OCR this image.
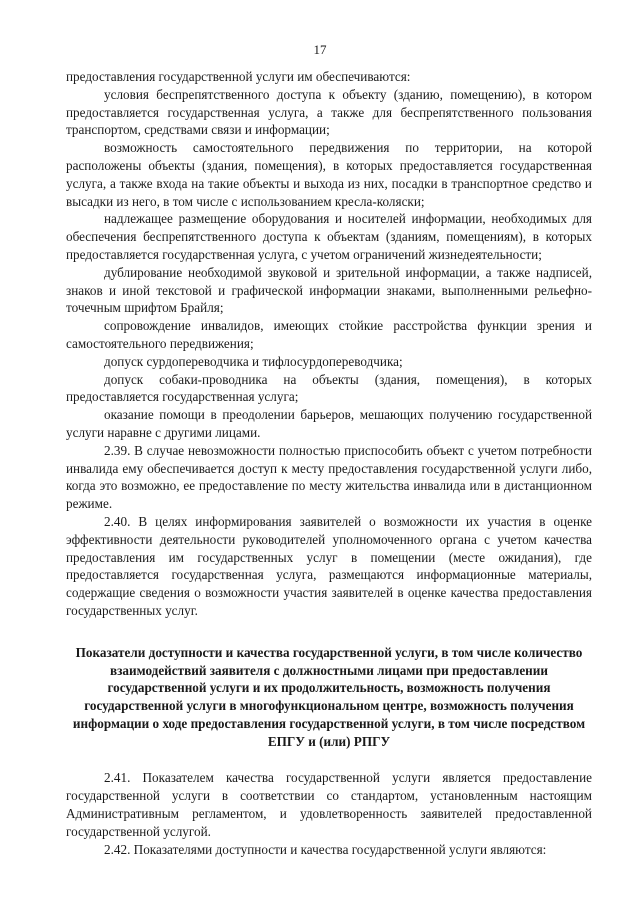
17

предоставления государственной услуги им обеспечиваются:

условия беспрепятственного доступа к объекту (зданию, помещению), в котором предоставляется государственная услуга, а также для беспрепятственного пользования транспортом, средствами связи и информации;

возможность самостоятельного передвижения по территории, на которой расположены объекты (здания, помещения), в которых предоставляется государственная услуга, а также входа на такие объекты и выхода из них, посадки в транспортное средство и высадки из него, в том числе с использованием кресла-коляски;

надлежащее размещение оборудования и носителей информации, необходимых для обеспечения беспрепятственного доступа к объектам (зданиям, помещениям), в которых предоставляется государственная услуга, с учетом ограничений жизнедеятельности;

дублирование необходимой звуковой и зрительной информации, а также надписей, знаков и иной текстовой и графической информации знаками, выполненными рельефно-точечным шрифтом Брайля;

сопровождение инвалидов, имеющих стойкие расстройства функции зрения и самостоятельного передвижения;

допуск сурдопереводчика и тифлосурдопереводчика;

допуск собаки-проводника на объекты (здания, помещения), в которых предоставляется государственная услуга;

оказание помощи в преодолении барьеров, мешающих получению государственной услуги наравне с другими лицами.

2.39. В случае невозможности полностью приспособить объект с учетом потребности инвалида ему обеспечивается доступ к месту предоставления государственной услуги либо, когда это возможно, ее предоставление по месту жительства инвалида или в дистанционном режиме.

2.40. В целях информирования заявителей о возможности их участия в оценке эффективности деятельности руководителей уполномоченного органа с учетом качества предоставления им государственных услуг в помещении (месте ожидания), где предоставляется государственная услуга, размещаются информационные материалы, содержащие сведения о возможности участия заявителей в оценке качества предоставления государственных услуг.

Показатели доступности и качества государственной услуги, в том числе количество взаимодействий заявителя с должностными лицами при предоставлении государственной услуги и их продолжительность, возможность получения государственной услуги в многофункциональном центре, возможность получения информации о ходе предоставления государственной услуги, в том числе посредством ЕПГУ и (или) РПГУ

2.41. Показателем качества государственной услуги является предоставление государственной услуги в соответствии со стандартом, установленным настоящим Административным регламентом, и удовлетворенность заявителей предоставленной государственной услугой.

2.42. Показателями доступности и качества государственной услуги являются:
